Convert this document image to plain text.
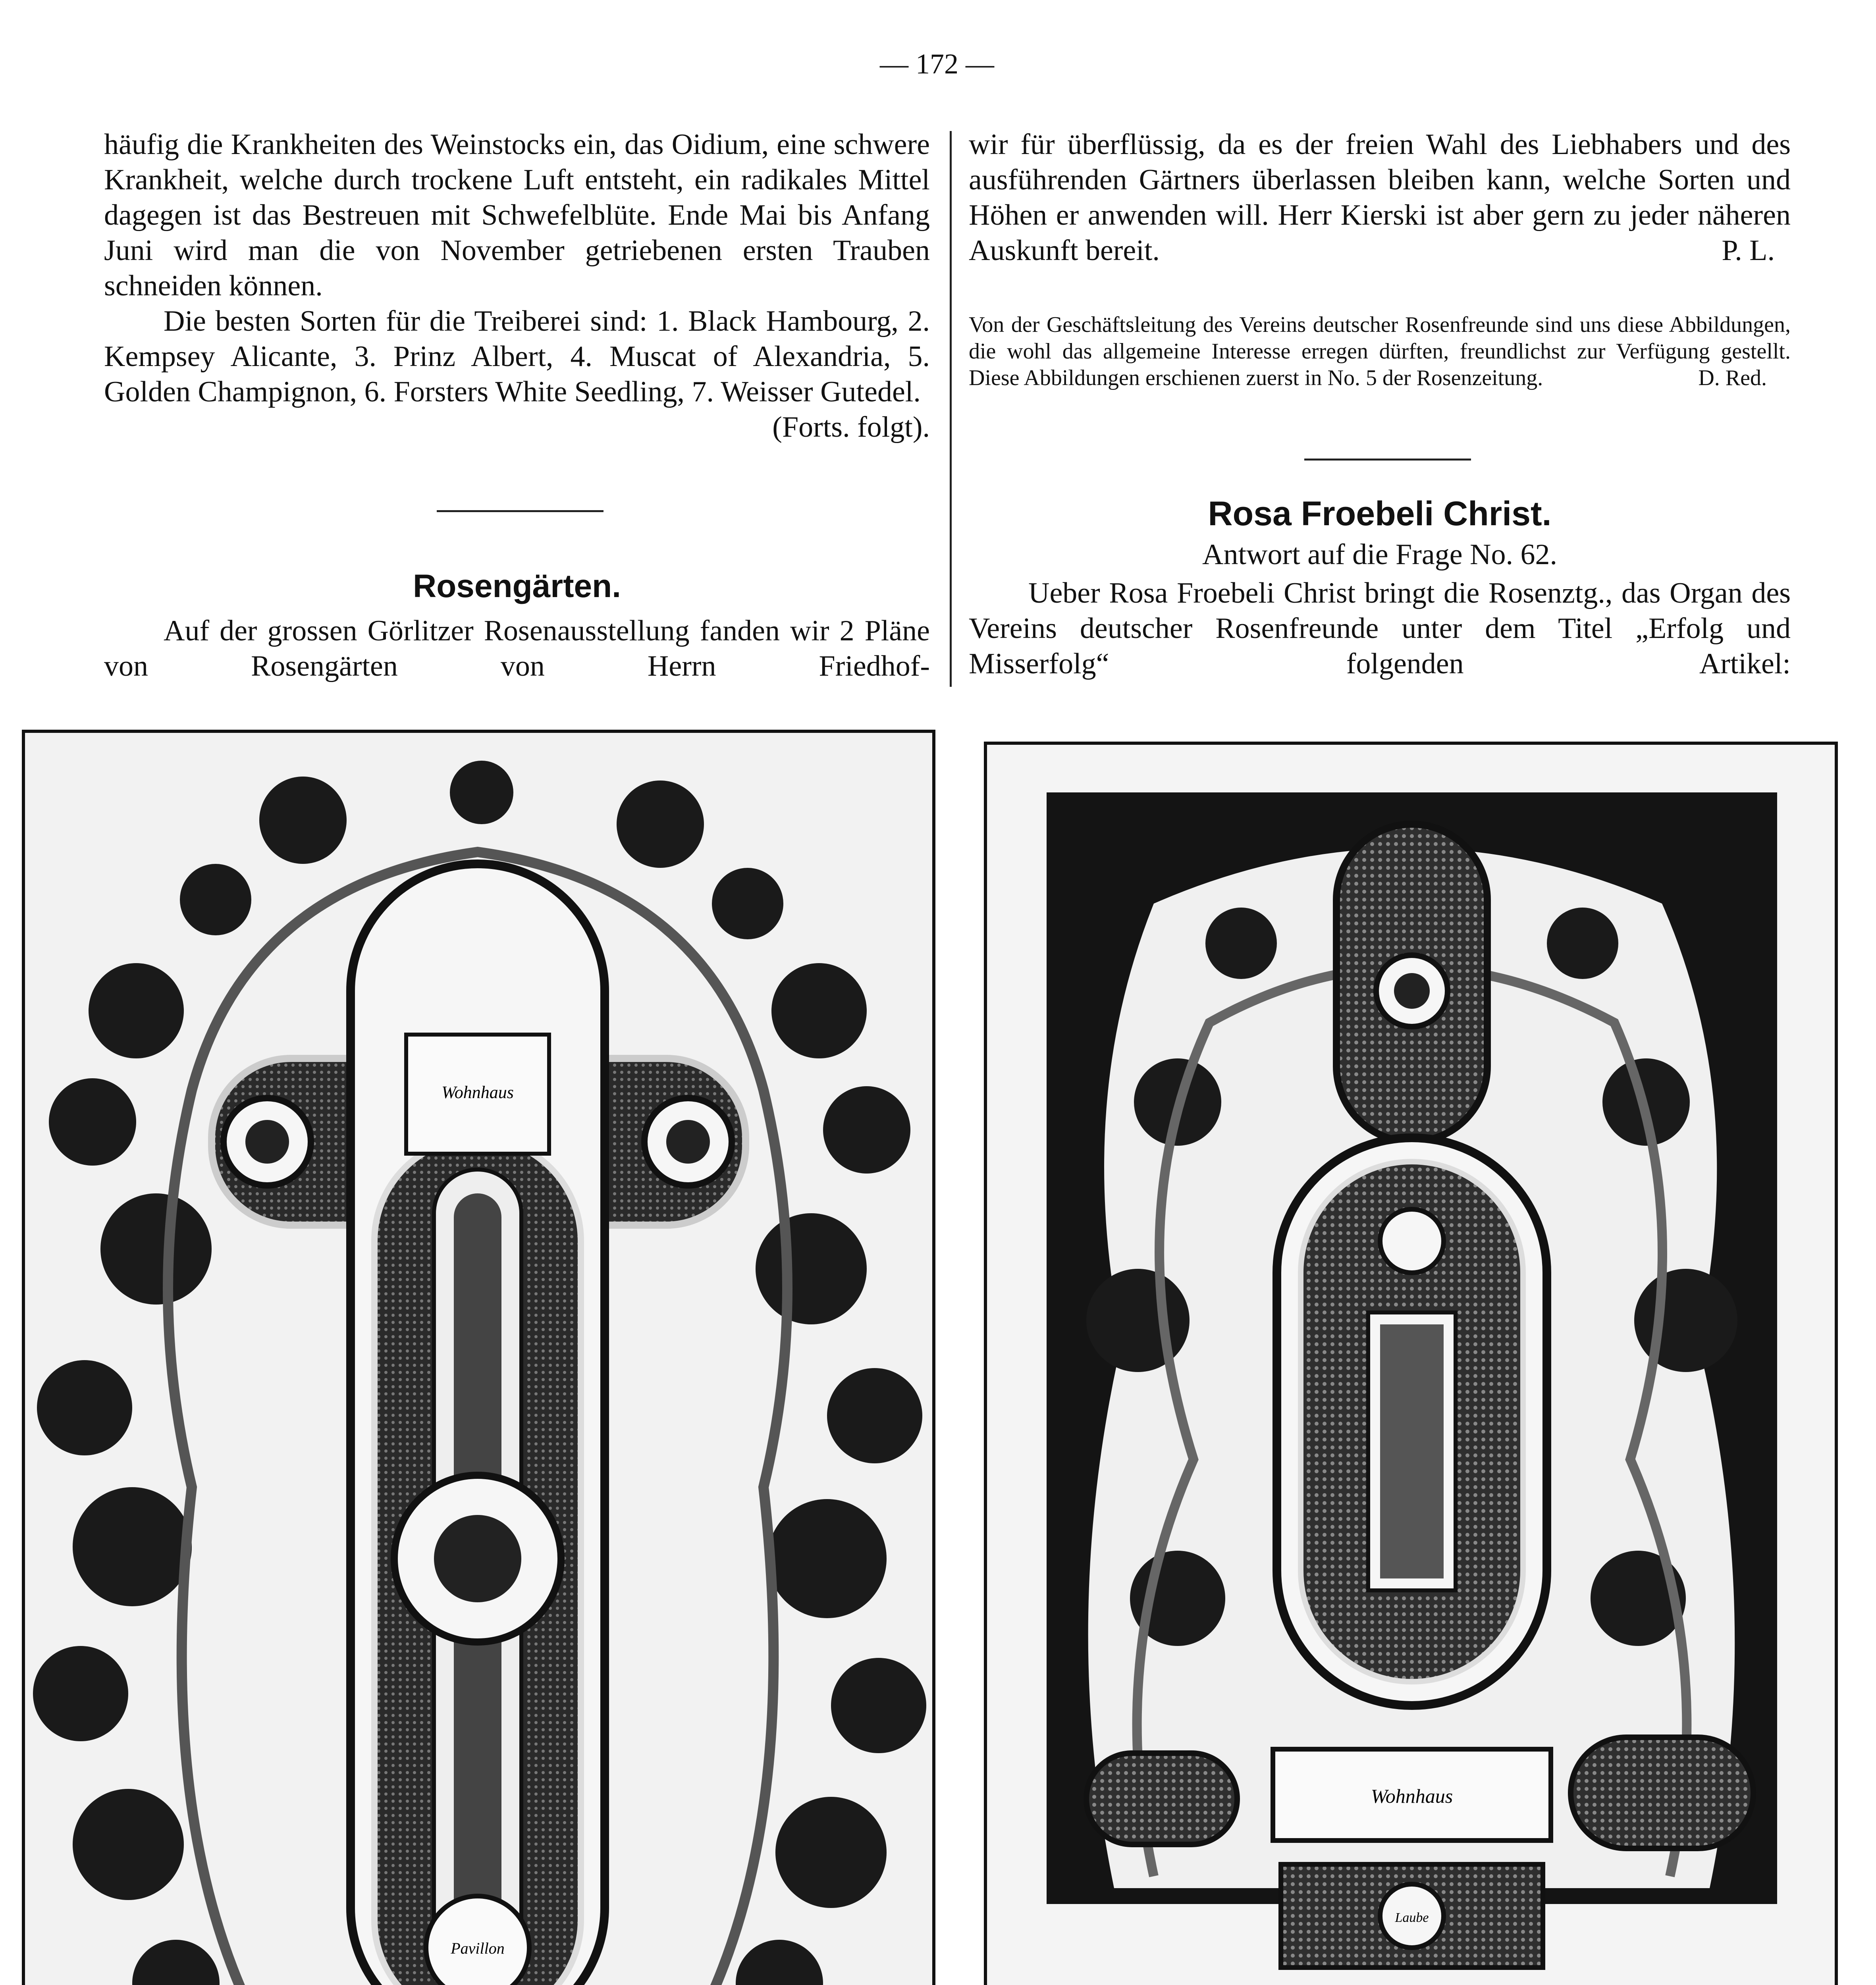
— 172 —

häufig die Krankheiten des Weinstocks ein, das Oidium, eine schwere Krankheit, welche durch trockene Luft entsteht, ein radikales Mittel dagegen ist das Bestreuen mit Schwefelblüte. Ende Mai bis Anfang Juni wird man die von November getriebenen ersten Trauben schneiden können.

Die besten Sorten für die Treiberei sind: 1. Black Hambourg, 2. Kempsey Alicante, 3. Prinz Albert, 4. Muscat of Alexandria, 5. Golden Champignon, 6. Forsters White Seedling, 7. Weisser Gutedel.
(Forts. folgt).

Rosengärten.

Auf der grossen Görlitzer Rosenausstellung fanden wir 2 Pläne von Rosengärten von Herrn Friedhof-

wir für überflüssig, da es der freien Wahl des Liebhabers und des ausführenden Gärtners überlassen bleiben kann, welche Sorten und Höhen er anwenden will. Herr Kierski ist aber gern zu jeder näheren Auskunft bereit.	P. L.

Von der Geschäftsleitung des Vereins deutscher Rosenfreunde sind uns diese Abbildungen, die wohl das allgemeine Interesse erregen dürften, freundlichst zur Verfügung gestellt. Diese Abbildungen erschienen zuerst in No. 5 der Rosenzeitung.	D. Red.

Rosa Froebeli Christ.
Antwort auf die Frage No. 62.

Ueber Rosa Froebeli Christ bringt die Rosenztg., das Organ des Vereins deutscher Rosenfreunde unter dem Titel „Erfolg und Misserfolg“ folgenden Artikel:

Wohnhaus
Pavillon
Wohnhaus
Laube
